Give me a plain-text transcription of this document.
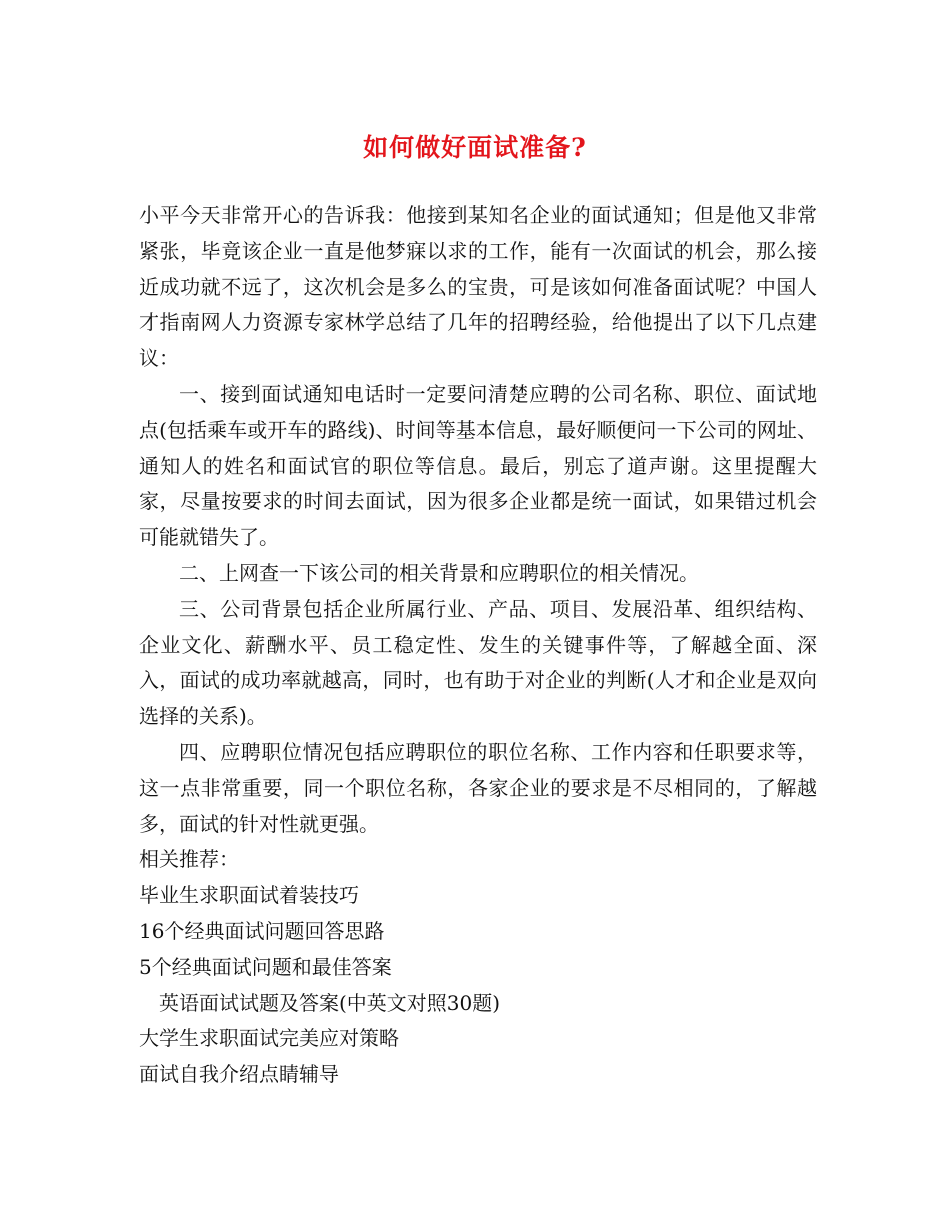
如何做好面试准备?

小平今天非常开心的告诉我：他接到某知名企业的面试通知；但是他又非常紧张，毕竟该企业一直是他梦寐以求的工作，能有一次面试的机会，那么接近成功就不远了，这次机会是多么的宝贵，可是该如何准备面试呢？中国人才指南网人力资源专家林学总结了几年的招聘经验，给他提出了以下几点建议：

一、接到面试通知电话时一定要问清楚应聘的公司名称、职位、面试地点(包括乘车或开车的路线)、时间等基本信息，最好顺便问一下公司的网址、通知人的姓名和面试官的职位等信息。最后，别忘了道声谢。这里提醒大家，尽量按要求的时间去面试，因为很多企业都是统一面试，如果错过机会可能就错失了。

二、上网查一下该公司的相关背景和应聘职位的相关情况。

三、公司背景包括企业所属行业、产品、项目、发展沿革、组织结构、企业文化、薪酬水平、员工稳定性、发生的关键事件等，了解越全面、深入，面试的成功率就越高，同时，也有助于对企业的判断(人才和企业是双向选择的关系)。

四、应聘职位情况包括应聘职位的职位名称、工作内容和任职要求等，这一点非常重要，同一个职位名称，各家企业的要求是不尽相同的，了解越多，面试的针对性就更强。

相关推荐：

毕业生求职面试着装技巧
16个经典面试问题回答思路
5个经典面试问题和最佳答案
英语面试试题及答案(中英文对照30题)
大学生求职面试完美应对策略
面试自我介绍点睛辅导
